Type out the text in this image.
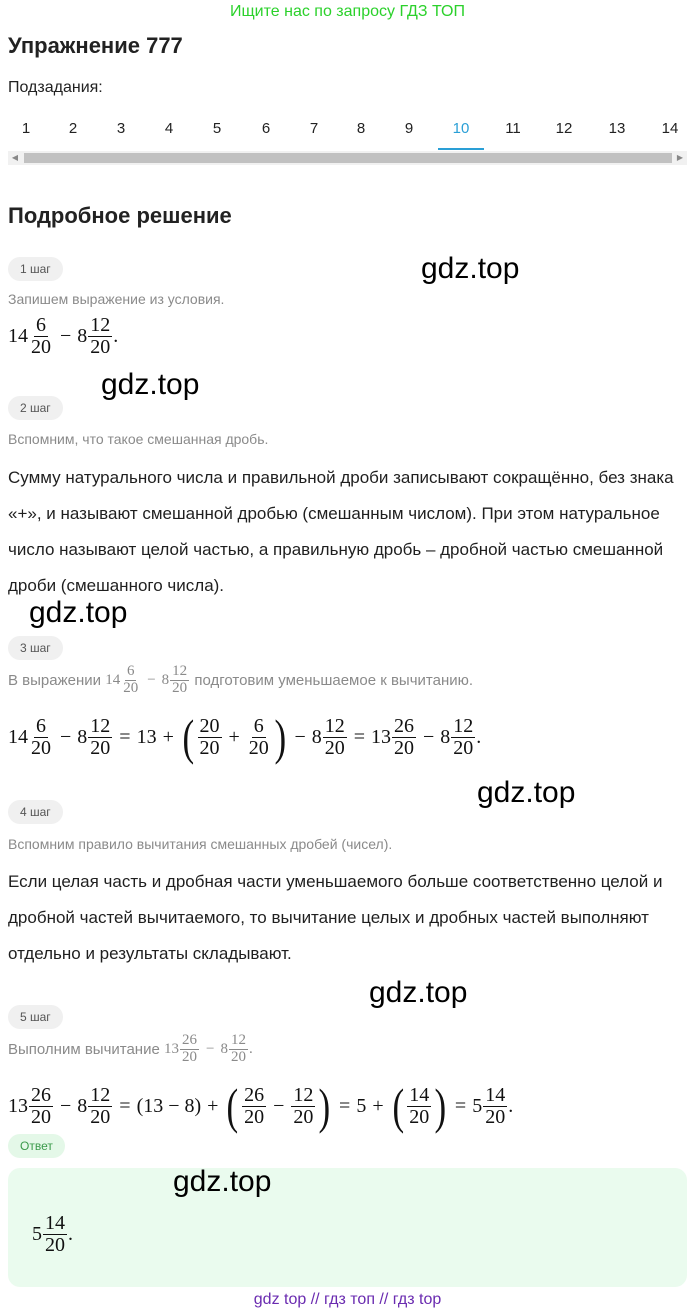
Ищите нас по запросу ГДЗ ТОП
Упражнение 777
Подзадания:
1	2	3	4	5	6	7	8	9	10	11	12	13	14
◀	▶
Подробное решение
1 шаг	gdz.top
Запишем выражение из условия.
$14 \frac{6}{20} - 8 \frac{12}{20}$ .
gdz.top
2 шаг
Вспомним, что такое смешанная дробь.
Сумму натурального числа и правильной дроби записывают сокращённо, без знака «+», и называют смешанной дробью (смешанным числом). При этом натуральное число называют целой частью, а правильную дробь – дробной частью смешанной дроби (смешанного числа).
gdz.top
3 шаг
В выражении
$14 \frac{6}{20} - 8 \frac{12}{20}$
подготовим уменьшаемое к вычитанию.
$14 \frac{6}{20} - 8 \frac{12}{20} = 13$ + ( $\frac{20}{20} + \frac{6}{20}$ ) − $8 \frac{12}{20} = 13 \frac{26}{20} - 8 \frac{12}{20}$ .
gdz.top
4 шаг
Вспомним правило вычитания смешанных дробей (чисел).
Если целая часть и дробная части уменьшаемого больше соответственно целой и дробной частей вычитаемого, то вычитание целых и дробных частей выполняют отдельно и результаты складывают.
gdz.top
5 шаг
Выполним вычитание
$13 \frac{26}{20} - 8 \frac{12}{20}$ .
$13 \frac{26}{20} - 8 \frac{12}{20} = (13 - 8)$ + ( $\frac{26}{20} - \frac{12}{20}$ ) = 5 + ( $\frac{14}{20}$ ) = $5 \frac{14}{20}$ .
Ответ
gdz.top
$5 \frac{14}{20}$ .
gdz top // гдз топ // гдз top
